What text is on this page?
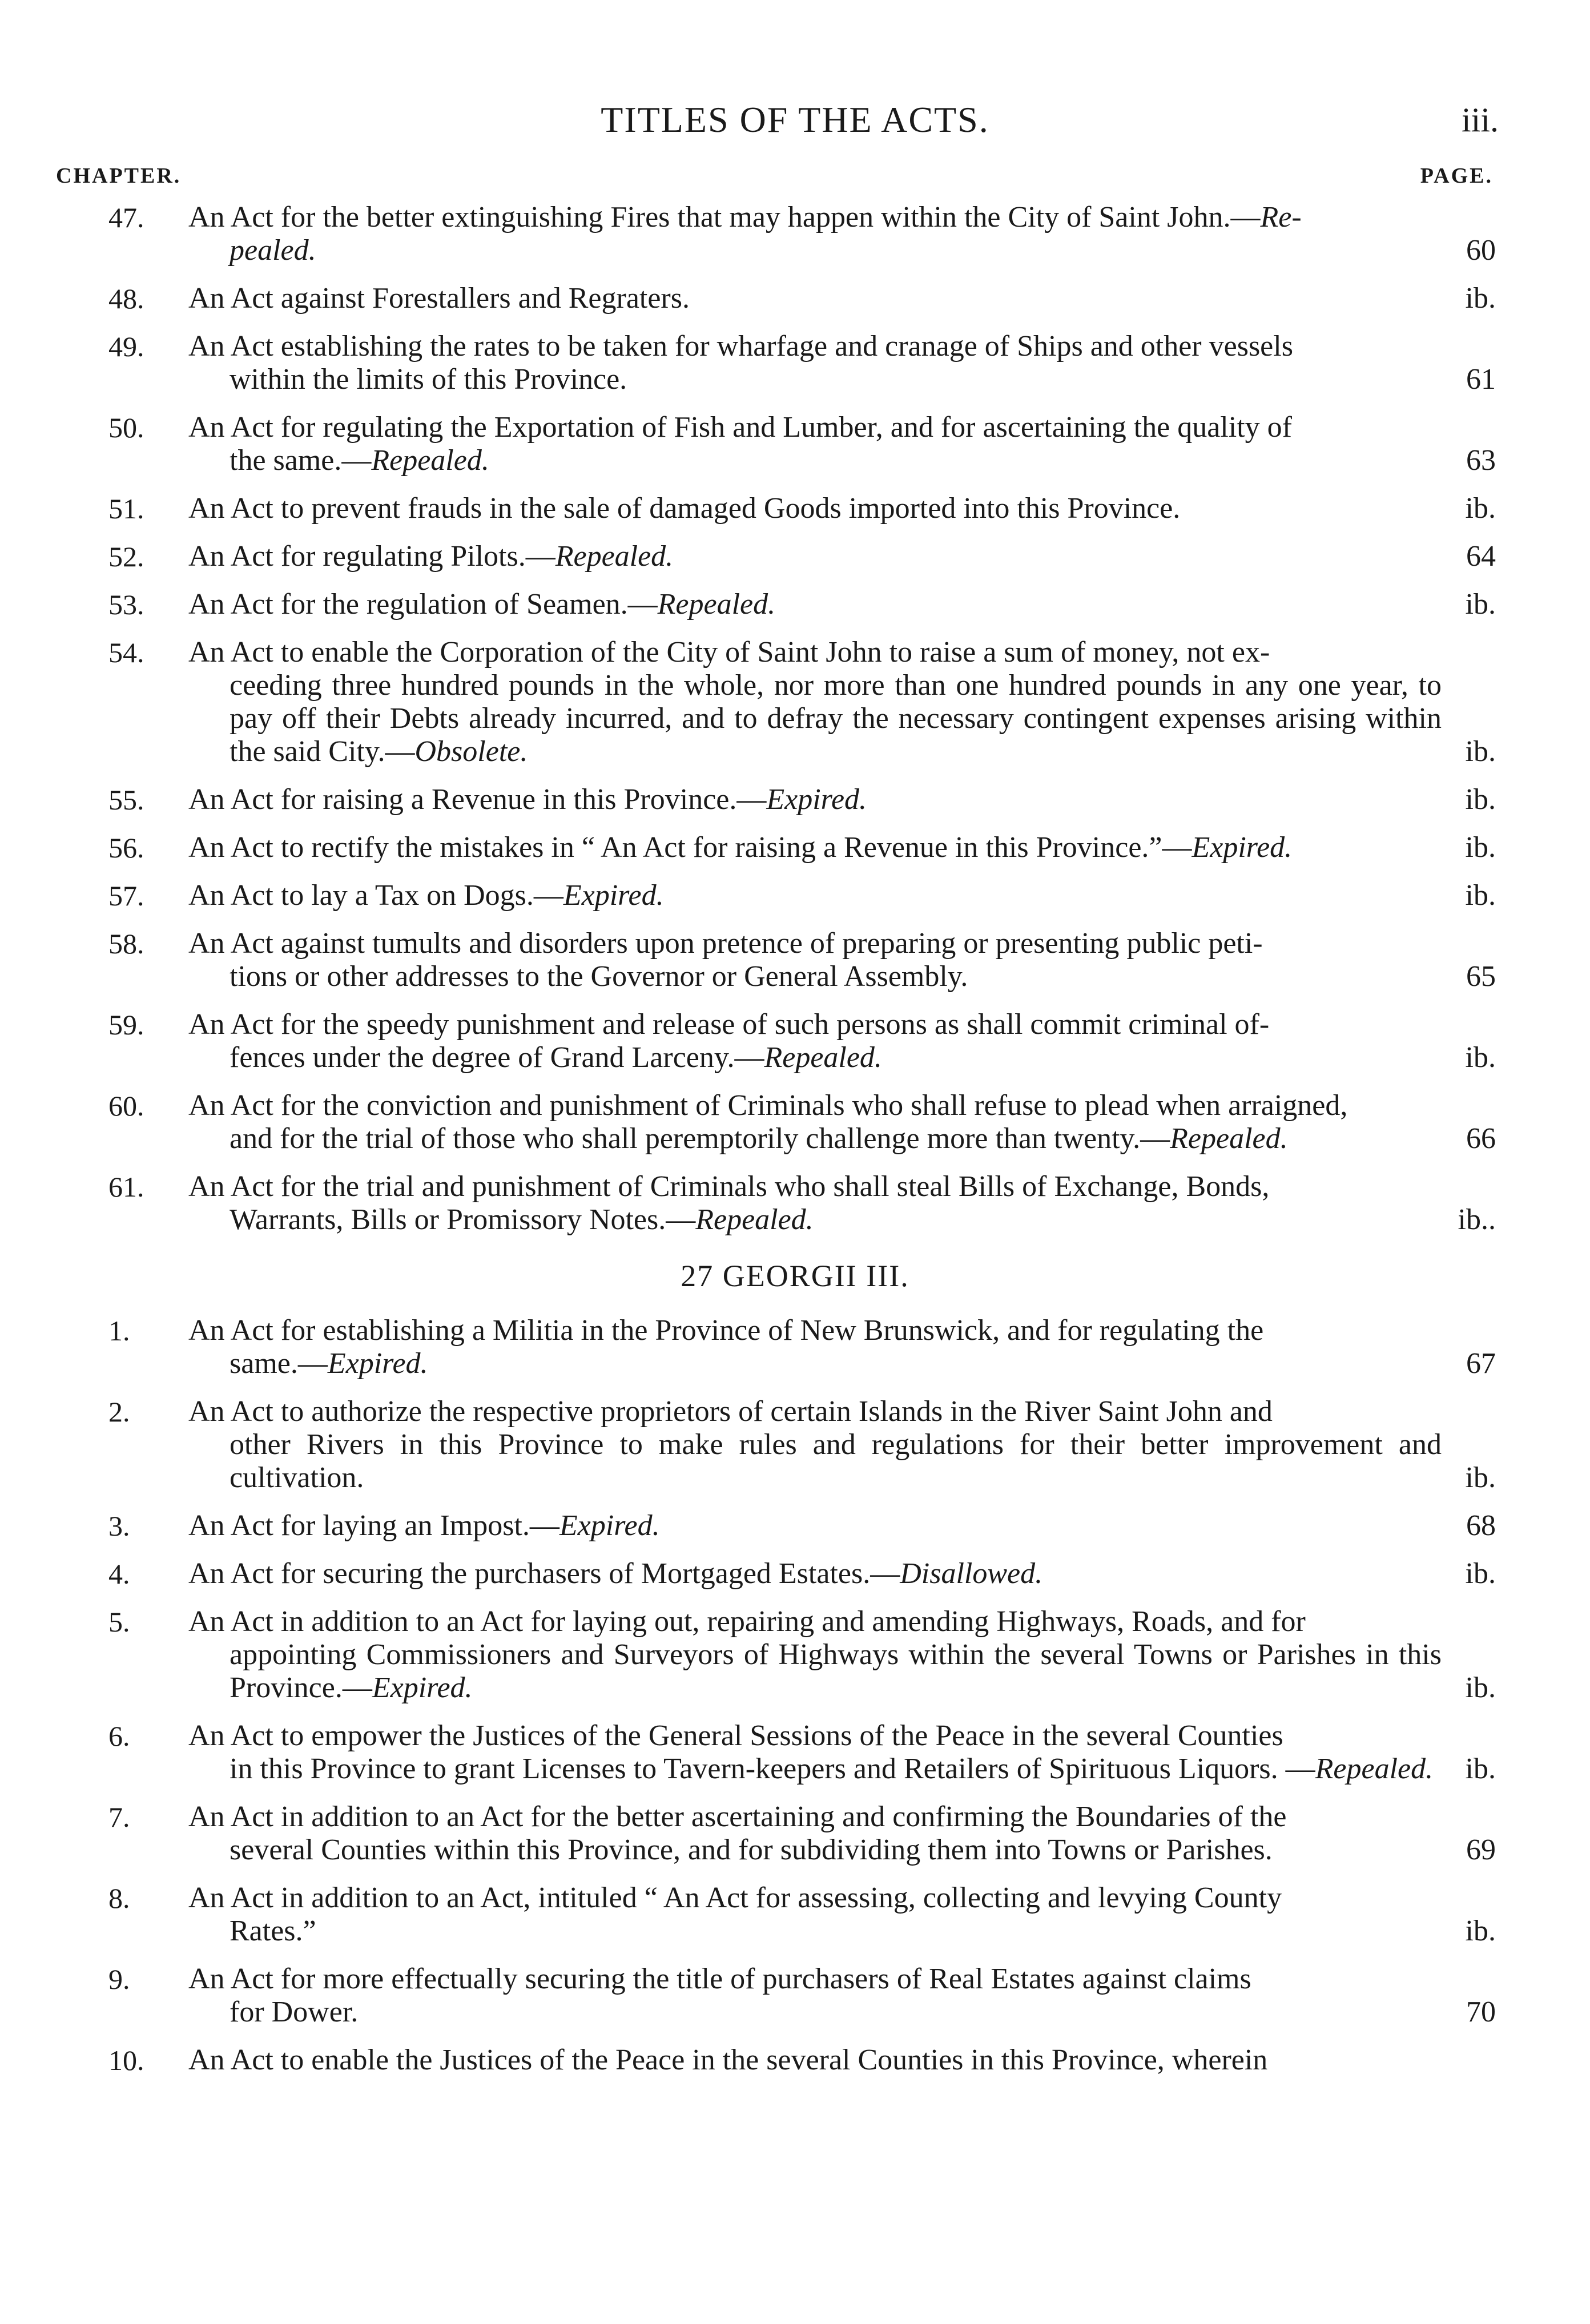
TITLES OF THE ACTS.	iii.
CHAPTER.	PAGE.
47.	An Act for the better extinguishing Fires that may happen within the City of Saint John.—Re-
pealed.	60
48.	An Act against Forestallers and Regraters.	ib.
49.	An Act establishing the rates to be taken for wharfage and cranage of Ships and other vessels
within the limits of this Province.	61
50.	An Act for regulating the Exportation of Fish and Lumber, and for ascertaining the quality of
the same.—Repealed.	63
51.	An Act to prevent frauds in the sale of damaged Goods imported into this Province.	ib.
52.	An Act for regulating Pilots.—Repealed.	64
53.	An Act for the regulation of Seamen.—Repealed.	ib.
54.	An Act to enable the Corporation of the City of Saint John to raise a sum of money, not ex-
ceeding three hundred pounds in the whole, nor more than one hundred pounds in any one year, to pay off their Debts already incurred, and to defray the necessary contingent expenses arising within the said City.—Obsolete.	ib.
55.	An Act for raising a Revenue in this Province.—Expired.	ib.
56.	An Act to rectify the mistakes in “ An Act for raising a Revenue in this Province.”—Expired.	ib.
57.	An Act to lay a Tax on Dogs.—Expired.	ib.
58.	An Act against tumults and disorders upon pretence of preparing or presenting public peti-
tions or other addresses to the Governor or General Assembly.	65
59.	An Act for the speedy punishment and release of such persons as shall commit criminal of-
fences under the degree of Grand Larceny.—Repealed.	ib.
60.	An Act for the conviction and punishment of Criminals who shall refuse to plead when arraigned,
and for the trial of those who shall peremptorily challenge more than twenty.—Repealed.	66
61.	An Act for the trial and punishment of Criminals who shall steal Bills of Exchange, Bonds,
Warrants, Bills or Promissory Notes.—Repealed.	ib..
27 GEORGII III.
1.	An Act for establishing a Militia in the Province of New Brunswick, and for regulating the
same.—Expired.	67
2.	An Act to authorize the respective proprietors of certain Islands in the River Saint John and
other Rivers in this Province to make rules and regulations for their better improvement and cultivation.	ib.
3.	An Act for laying an Impost.—Expired.	68
4.	An Act for securing the purchasers of Mortgaged Estates.—Disallowed.	ib.
5.	An Act in addition to an Act for laying out, repairing and amending Highways, Roads, and for
appointing Commissioners and Surveyors of Highways within the several Towns or Parishes in this Province.—Expired.	ib.
6.	An Act to empower the Justices of the General Sessions of the Peace in the several Counties
in this Province to grant Licenses to Tavern-keepers and Retailers of Spirituous Liquors. —Repealed.	ib.
7.	An Act in addition to an Act for the better ascertaining and confirming the Boundaries of the
several Counties within this Province, and for subdividing them into Towns or Parishes.	69
8.	An Act in addition to an Act, intituled “ An Act for assessing, collecting and levying County
Rates.”	ib.
9.	An Act for more effectually securing the title of purchasers of Real Estates against claims
for Dower.	70
10.	An Act to enable the Justices of the Peace in the several Counties in this Province, wherein
